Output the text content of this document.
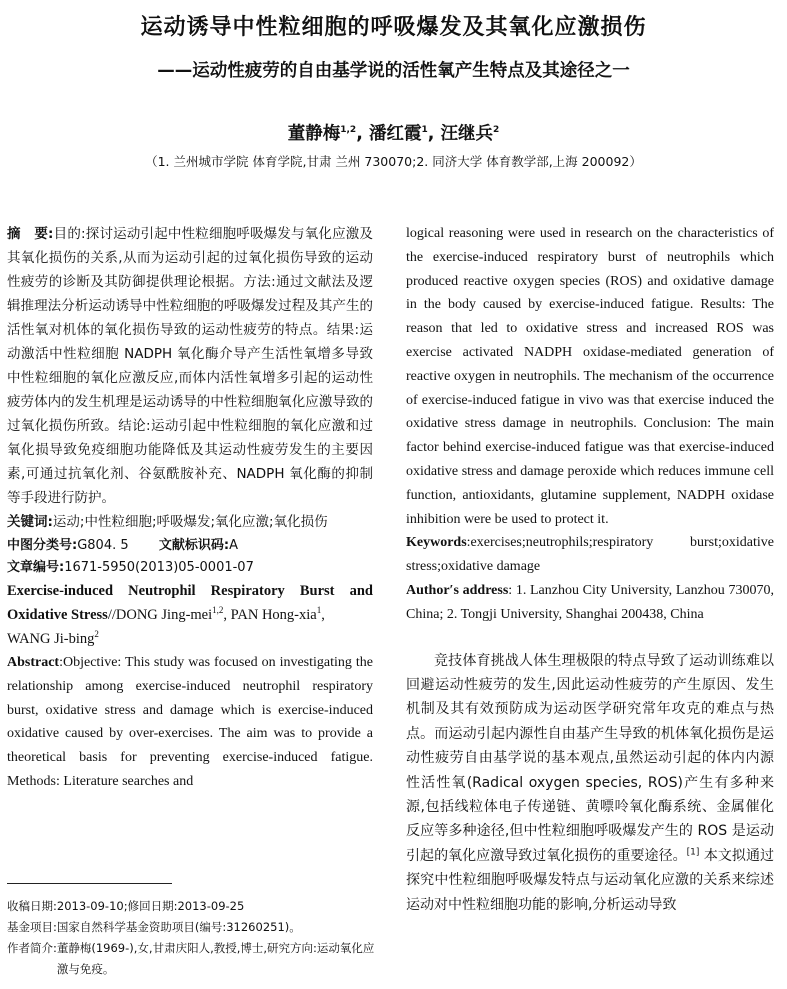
运动诱导中性粒细胞的呼吸爆发及其氧化应激损伤
——运动性疲劳的自由基学说的活性氧产生特点及其途径之一
董静梅$^{1,2}$, 潘红霞$^1$, 汪继兵$^2$
（1. 兰州城市学院 体育学院,甘肃 兰州 730070;2. 同济大学 体育教学部,上海 200092）
摘　要:目的:探讨运动引起中性粒细胞呼吸爆发与氧化应激及其氧化损伤的关系,从而为运动引起的过氧化损伤导致的运动性疲劳的诊断及其防御提供理论根据。方法:通过文献法及逻辑推理法分析运动诱导中性粒细胞的呼吸爆发过程及其产生的活性氧对机体的氧化损伤导致的运动性疲劳的特点。结果:运动激活中性粒细胞 NADPH 氧化酶介导产生活性氧增多导致中性粒细胞的氧化应激反应,而体内活性氧增多引起的运动性疲劳体内的发生机理是运动诱导的中性粒细胞氧化应激导致的过氧化损伤所致。结论:运动引起中性粒细胞的氧化应激和过氧化损导致免疫细胞功能降低及其运动性疲劳发生的主要因素,可通过抗氧化剂、谷氨酰胺补充、NADPH 氧化酶的抑制等手段进行防护。
关键词:运动;中性粒细胞;呼吸爆发;氧化应激;氧化损伤
中图分类号:G804. 5 文献标识码:A
文章编号:1671-5950(2013)05-0001-07
Exercise-induced Neutrophil Respiratory Burst and Oxidative Stress//DONG Jing-mei$^{1,2}$, PAN Hong-xia$^1$,
WANG Ji-bing$^2$
Abstract:Objective: This study was focused on investigating the relationship among exercise-induced neutrophil respiratory burst, oxidative stress and damage which is exercise-induced oxidative caused by over-exercises. The aim was to provide a theoretical basis for preventing exercise-induced fatigue. Methods: Literature searches and
logical reasoning were used in research on the characteristics of the exercise-induced respiratory burst of neutrophils which produced reactive oxygen species (ROS) and oxidative damage in the body caused by exercise-induced fatigue. Results: The reason that led to oxidative stress and increased ROS was exercise activated NADPH oxidase-mediated generation of reactive oxygen in neutrophils. The mechanism of the occurrence of exercise-induced fatigue in vivo was that exercise induced the oxidative stress damage in neutrophils. Conclusion: The main factor behind exercise-induced fatigue was that exercise-induced oxidative stress and damage peroxide which reduces immune cell function, antioxidants, glutamine supplement, NADPH oxidase inhibition were be used to protect it.
Keywords:exercises;neutrophils;respiratory burst;oxidative stress;oxidative damage
Author′s address: 1. Lanzhou City University, Lanzhou 730070, China; 2. Tongji University, Shanghai 200438, China
竞技体育挑战人体生理极限的特点导致了运动训练难以回避运动性疲劳的发生,因此运动性疲劳的产生原因、发生机制及其有效预防成为运动医学研究常年攻克的难点与热点。而运动引起内源性自由基产生导致的机体氧化损伤是运动性疲劳自由基学说的基本观点,虽然运动引起的体内内源性活性氧(Radical oxygen species, ROS)产生有多种来源,包括线粒体电子传递链、黄嘌呤氧化酶系统、金属催化反应等多种途径,但中性粒细胞呼吸爆发产生的 ROS 是运动引起的氧化应激导致过氧化损伤的重要途径。[1] 本文拟通过探究中性粒细胞呼吸爆发特点与运动氧化应激的关系来综述运动对中性粒细胞功能的影响,分析运动导致
收稿日期:2013-09-10;修回日期:2013-09-25
基金项目:国家自然科学基金资助项目(编号:31260251)。
作者简介: 董静梅(1969-),女,甘肃庆阳人,教授,博士,研究方向:运动氧化应激与免疫。
